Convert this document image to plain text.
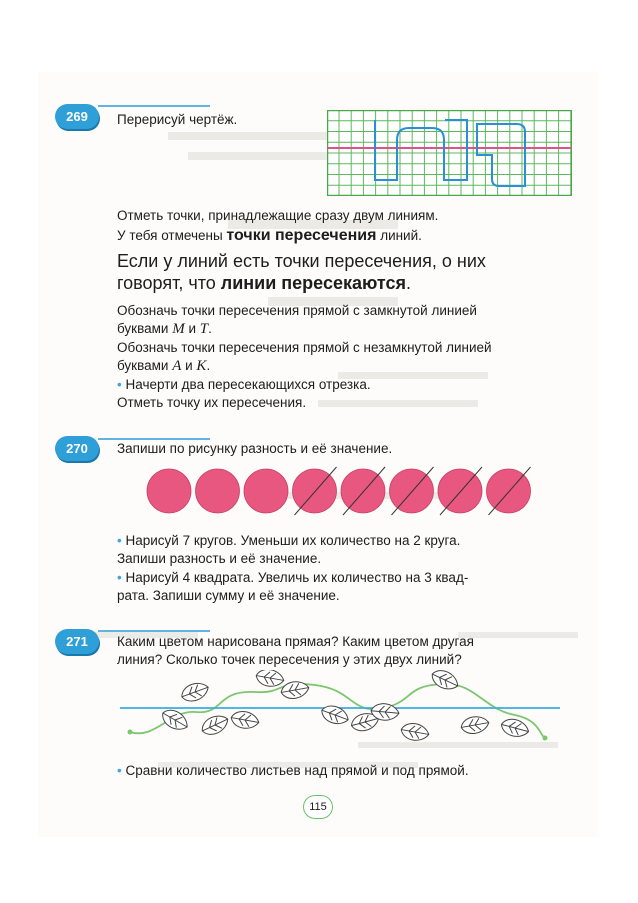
269	Перерисуй чертёж.
Отметь точки, принадлежащие сразу двум линиям.
У тебя отмечены точки пересечения линий.
Если у линий есть точки пересечения, о них
говорят, что линии пересекаются.
Обозначь точки пересечения прямой с замкнутой линией
буквами M и T.
Обозначь точки пересечения прямой с незамкнутой линией
буквами A и K.
• Начерти два пересекающихся отрезка.
Отметь точку их пересечения.
270	Запиши по рисунку разность и её значение.
• Нарисуй 7 кругов. Уменьши их количество на 2 круга.
Запиши разность и её значение.
• Нарисуй 4 квадрата. Увеличь их количество на 3 квад-
рата. Запиши сумму и её значение.
271	Каким цветом нарисована прямая? Каким цветом другая
линия? Сколько точек пересечения у этих двух линий?
• Сравни количество листьев над прямой и под прямой.
115
